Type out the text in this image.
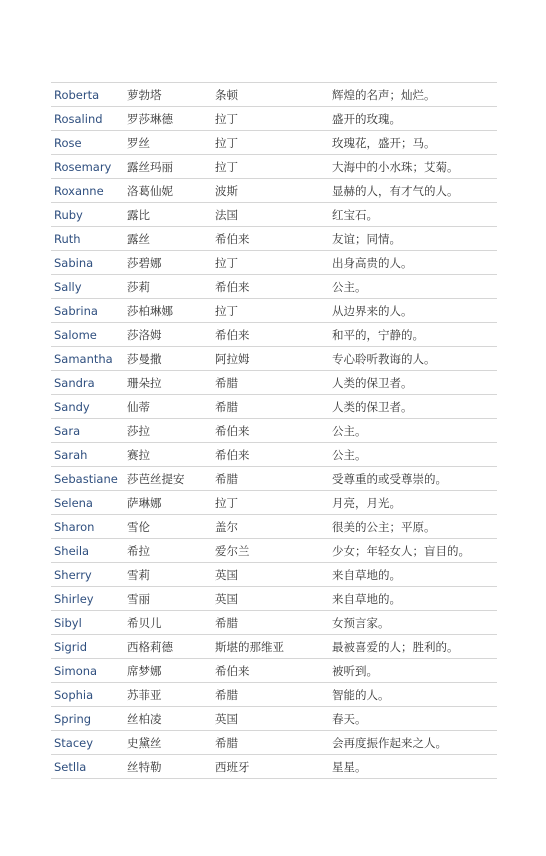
Roberta	萝勃塔	条顿	辉煌的名声；灿烂。
Rosalind	罗莎琳德	拉丁	盛开的玫瑰。
Rose	罗丝	拉丁	玫瑰花，盛开；马。
Rosemary	露丝玛丽	拉丁	大海中的小水珠；艾菊。
Roxanne	洛葛仙妮	波斯	显赫的人，有才气的人。
Ruby	露比	法国	红宝石。
Ruth	露丝	希伯来	友谊；同情。
Sabina	莎碧娜	拉丁	出身高贵的人。
Sally	莎莉	希伯来	公主。
Sabrina	莎柏琳娜	拉丁	从边界来的人。
Salome	莎洛姆	希伯来	和平的，宁静的。
Samantha	莎曼撒	阿拉姆	专心聆听教诲的人。
Sandra	珊朵拉	希腊	人类的保卫者。
Sandy	仙蒂	希腊	人类的保卫者。
Sara	莎拉	希伯来	公主。
Sarah	赛拉	希伯来	公主。
Sebastiane 莎芭丝提安	希腊	受尊重的或受尊崇的。
Selena	萨琳娜	拉丁	月亮，月光。
Sharon	雪伦	盖尔	很美的公主；平原。
Sheila	希拉	爱尔兰	少女；年轻女人；盲目的。
Sherry	雪莉	英国	来自草地的。
Shirley	雪丽	英国	来自草地的。
Sibyl	希贝儿	希腊	女预言家。
Sigrid	西格莉德	斯堪的那维亚	最被喜爱的人；胜利的。
Simona	席梦娜	希伯来	被听到。
Sophia	苏菲亚	希腊	智能的人。
Spring	丝柏凌	英国	春天。
Stacey	史黛丝	希腊	会再度振作起来之人。
Setlla	丝特勒	西班牙	星星。
